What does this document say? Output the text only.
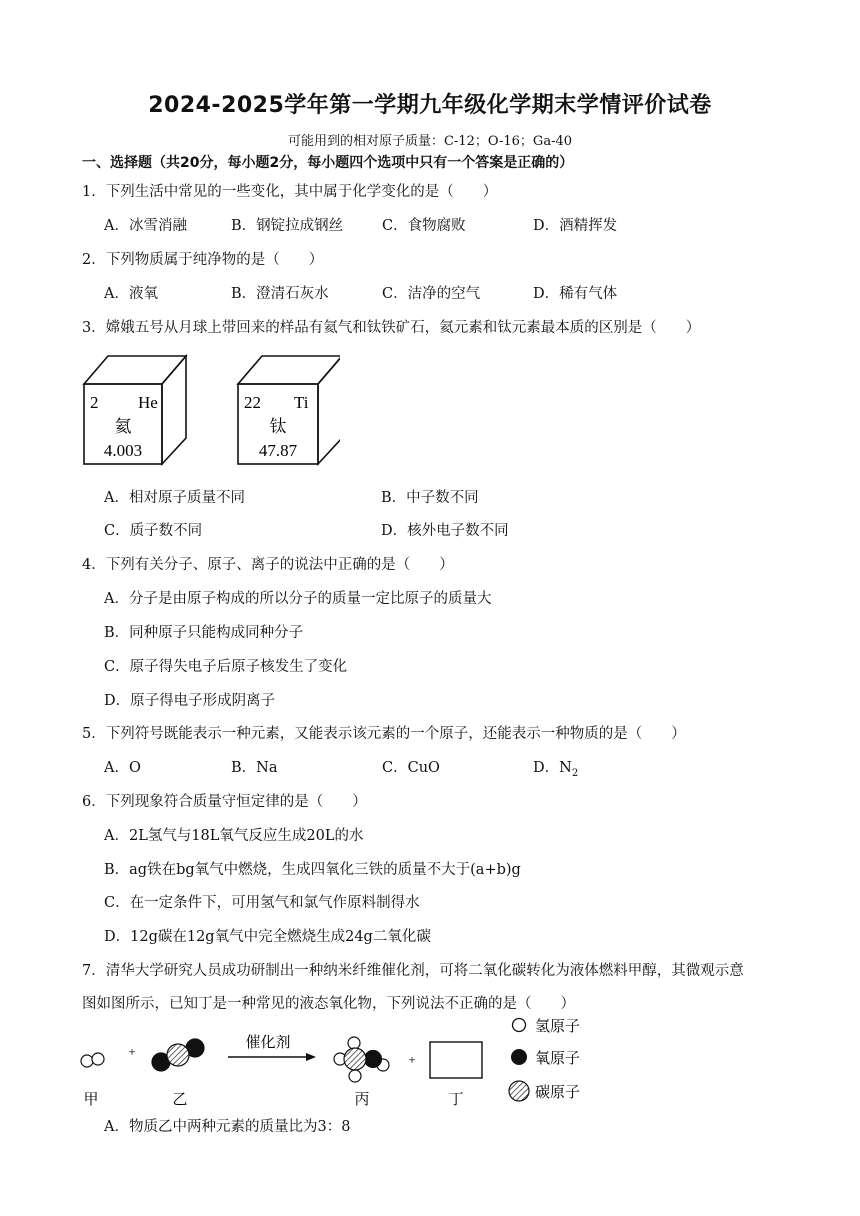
2024-2025学年第一学期九年级化学期末学情评价试卷
可能用到的相对原子质量：C-12；O-16；Ga-40
一、选择题（共20分，每小题2分，每小题四个选项中只有一个答案是正确的）
1．下列生活中常见的一些变化，其中属于化学变化的是（　　）
A．冰雪消融	B．钢锭拉成钢丝	C．食物腐败	D．酒精挥发
2．下列物质属于纯净物的是（　　）
A．液氧	B．澄清石灰水	C．洁净的空气	D．稀有气体
3．嫦娥五号从月球上带回来的样品有氦气和钛铁矿石，氦元素和钛元素最本质的区别是（　　）
2 He
氦
4.003
22 Ti
钛
47.87
A．相对原子质量不同	B．中子数不同
C．质子数不同	D．核外电子数不同
4．下列有关分子、原子、离子的说法中正确的是（　　）
A．分子是由原子构成的所以分子的质量一定比原子的质量大
B．同种原子只能构成同种分子
C．原子得失电子后原子核发生了变化
D．原子得电子形成阴离子
5．下列符号既能表示一种元素，又能表示该元素的一个原子，还能表示一种物质的是（　　）
A．O	B．Na	C．CuO	D．$N_2$
6．下列现象符合质量守恒定律的是（　　）
A．2L氢气与18L氧气反应生成20L的水
B．ag铁在bg氧气中燃烧，生成四氧化三铁的质量不大于(a+b)g
C．在一定条件下，可用氢气和氯气作原料制得水
D．12g碳在12g氧气中完全燃烧生成24g二氧化碳
7．清华大学研究人员成功研制出一种纳米纤维催化剂，可将二氧化碳转化为液体燃料甲醇，其微观示意
图如图所示，已知丁是一种常见的液态氧化物，下列说法不正确的是（　　）
甲
+
乙
催化剂
丙
+
丁
氢原子
氧原子
碳原子
A．物质乙中两种元素的质量比为3：8
